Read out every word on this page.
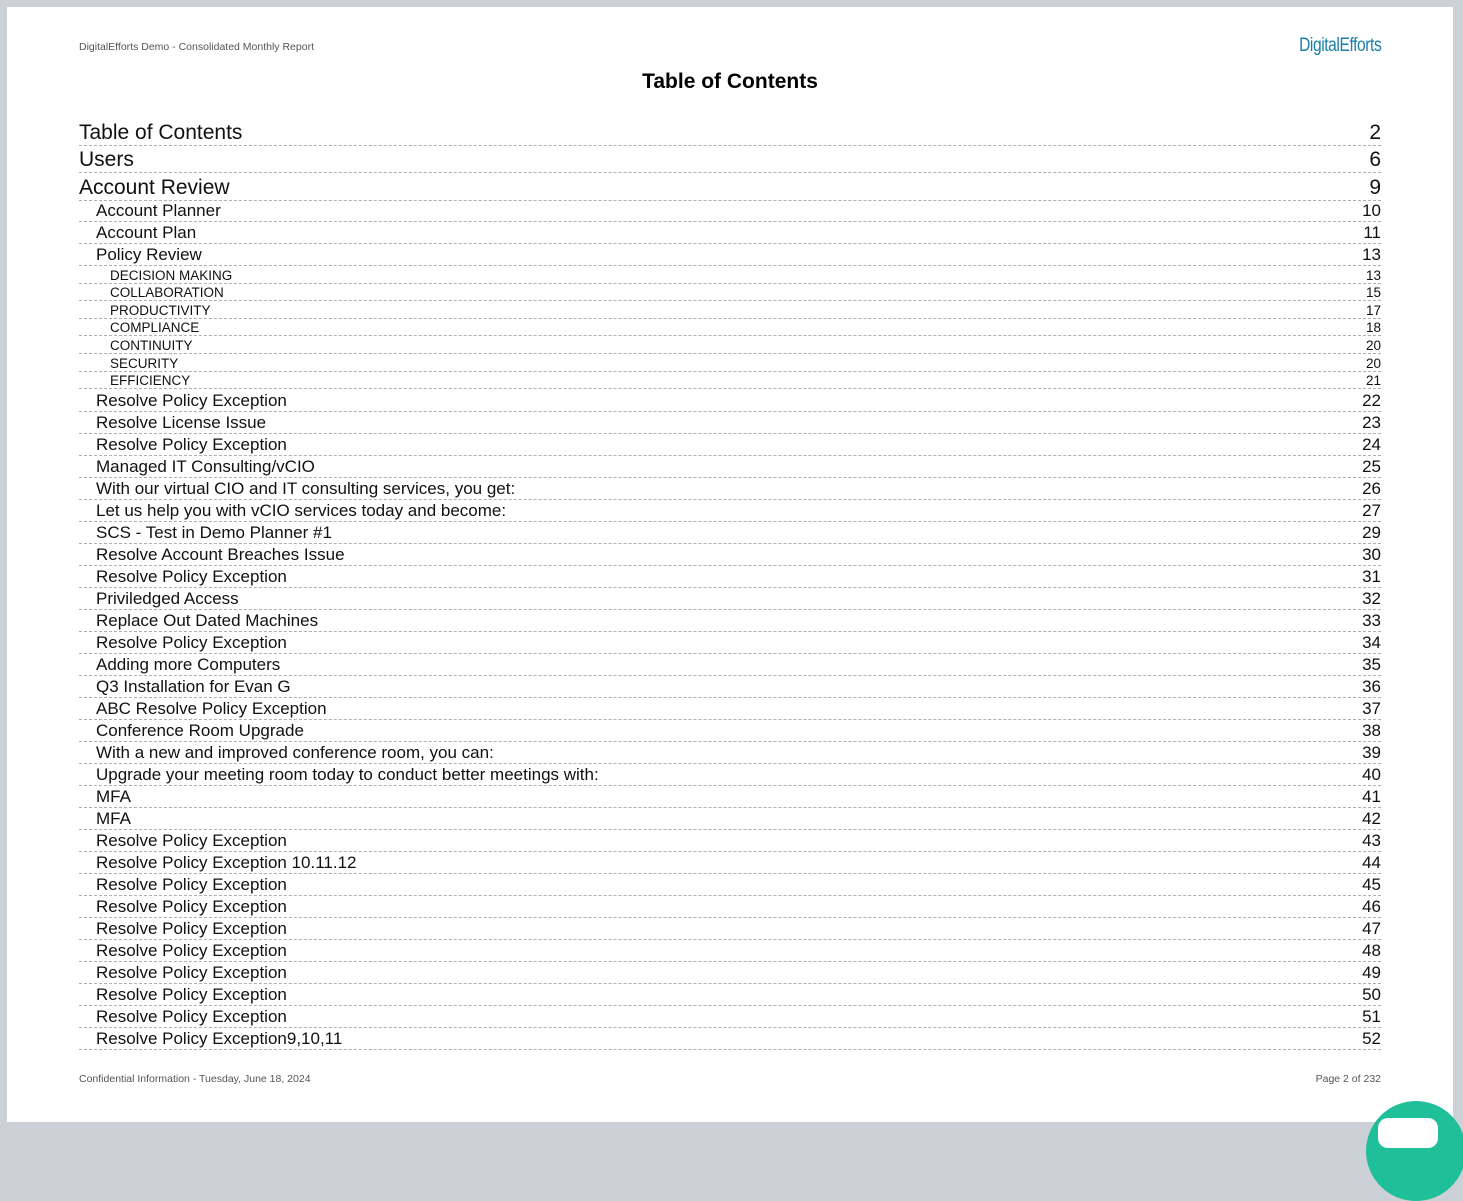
DigitalEfforts Demo - Consolidated Monthly Report	DigitalEfforts
Table of Contents
Table of Contents	2
Users	6
Account Review	9
Account Planner	10
Account Plan	11
Policy Review	13
DECISION MAKING	13
COLLABORATION	15
PRODUCTIVITY	17
COMPLIANCE	18
CONTINUITY	20
SECURITY	20
EFFICIENCY	21
Resolve Policy Exception	22
Resolve License Issue	23
Resolve Policy Exception	24
Managed IT Consulting/vCIO	25
With our virtual CIO and IT consulting services, you get:	26
Let us help you with vCIO services today and become:	27
SCS - Test in Demo Planner #1	29
Resolve Account Breaches Issue	30
Resolve Policy Exception	31
Priviledged Access	32
Replace Out Dated Machines	33
Resolve Policy Exception	34
Adding more Computers	35
Q3 Installation for Evan G	36
ABC Resolve Policy Exception	37
Conference Room Upgrade	38
With a new and improved conference room, you can:	39
Upgrade your meeting room today to conduct better meetings with:	40
MFA	41
MFA	42
Resolve Policy Exception	43
Resolve Policy Exception 10.11.12	44
Resolve Policy Exception	45
Resolve Policy Exception	46
Resolve Policy Exception	47
Resolve Policy Exception	48
Resolve Policy Exception	49
Resolve Policy Exception	50
Resolve Policy Exception	51
Resolve Policy Exception9,10,11	52
Confidential Information - Tuesday, June 18, 2024	Page 2 of 232
